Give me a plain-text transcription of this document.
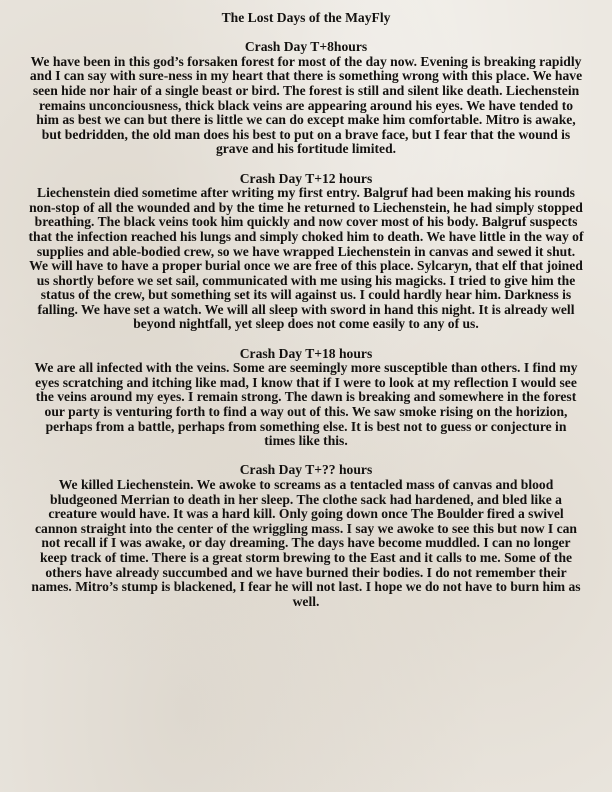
The Lost Days of the MayFly
Crash Day T+8hours
We have been in this god’s forsaken forest for most of the day now. Evening is breaking rapidly
and I can say with sure-ness in my heart that there is something wrong with this place. We have
seen hide nor hair of a single beast or bird. The forest is still and silent like death. Liechenstein
remains unconciousness, thick black veins are appearing around his eyes. We have tended to
him as best we can but there is little we can do except make him comfortable. Mitro is awake,
but bedridden, the old man does his best to put on a brave face, but I fear that the wound is
grave and his fortitude limited.
Crash Day T+12 hours
Liechenstein died sometime after writing my first entry. Balgruf had been making his rounds
non-stop of all the wounded and by the time he returned to Liechenstein, he had simply stopped
breathing. The black veins took him quickly and now cover most of his body. Balgruf suspects
that the infection reached his lungs and simply choked him to death. We have little in the way of
supplies and able-bodied crew, so we have wrapped Liechenstein in canvas and sewed it shut.
We will have to have a proper burial once we are free of this place. Sylcaryn, that elf that joined
us shortly before we set sail, communicated with me using his magicks. I tried to give him the
status of the crew, but something set its will against us. I could hardly hear him. Darkness is
falling. We have set a watch. We will all sleep with sword in hand this night. It is already well
beyond nightfall, yet sleep does not come easily to any of us.
Crash Day T+18 hours
We are all infected with the veins. Some are seemingly more susceptible than others. I find my
eyes scratching and itching like mad, I know that if I were to look at my reflection I would see
the veins around my eyes. I remain strong. The dawn is breaking and somewhere in the forest
our party is venturing forth to find a way out of this. We saw smoke rising on the horizion,
perhaps from a battle, perhaps from something else. It is best not to guess or conjecture in
times like this.
Crash Day T+?? hours
We killed Liechenstein. We awoke to screams as a tentacled mass of canvas and blood
bludgeoned Merrian to death in her sleep. The clothe sack had hardened, and bled like a
creature would have. It was a hard kill. Only going down once The Boulder fired a swivel
cannon straight into the center of the wriggling mass. I say we awoke to see this but now I can
not recall if I was awake, or day dreaming. The days have become muddled. I can no longer
keep track of time. There is a great storm brewing to the East and it calls to me. Some of the
others have already succumbed and we have burned their bodies. I do not remember their
names. Mitro’s stump is blackened, I fear he will not last. I hope we do not have to burn him as
well.
